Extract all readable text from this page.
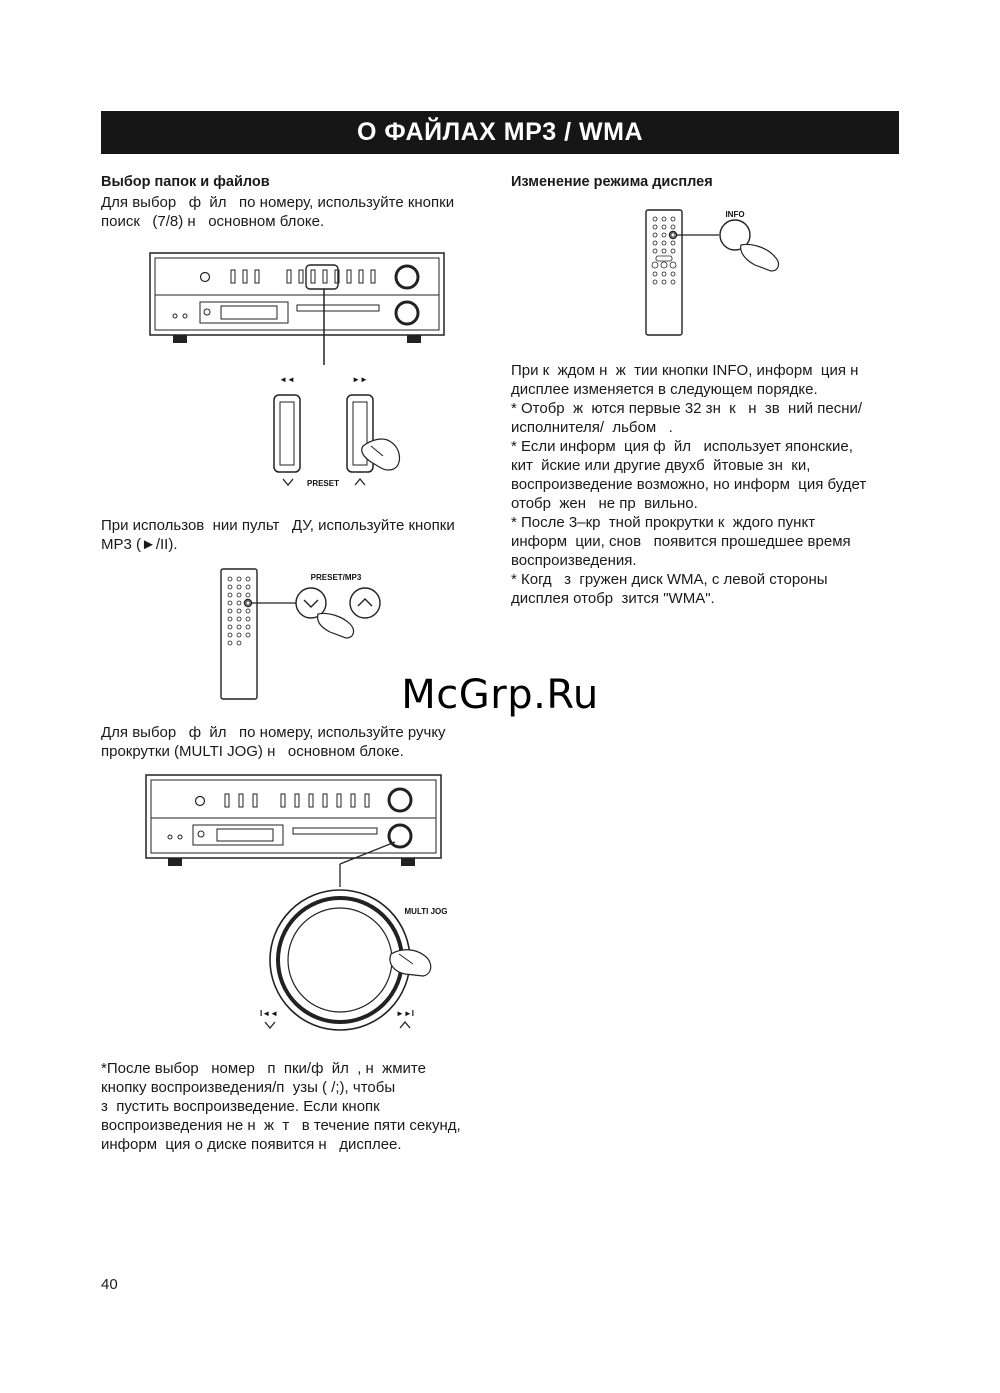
О ФАЙЛАХ MP3 / WMA
Выбор папок и файлов
Для выбор   ф  йл   по номеру, используйте кнопки
поиск   (7/8) н   основном блоке.
◄◄	►►
PRESET
При использов  нии пульт   ДУ, используйте кнопки
MP3 (►/II).
PRESET/MP3
Для выбор   ф  йл   по номеру, используйте ручку
прокрутки (MULTI JOG) н   основном блоке.
MULTI JOG
I◄◄	►►I
*После выбор   номер   п  пки/ф  йл  , н  жмите
кнопку воспроизведения/п  узы ( /;), чтобы
з  пустить воспроизведение. Если кнопк
воспроизведения не н  ж  т   в течение пяти секунд,
информ  ция о диске появится н   дисплее.
Изменение режима дисплея
INFO
При к  ждом н  ж  тии кнопки INFO, информ  ция н
дисплее изменяется в следующем порядке.
* Отобр  ж  ются первые 32 зн  к   н  зв  ний песни/
исполнителя/  льбом   .
* Если информ  ция ф  йл   использует японские,
кит  йские или другие двухб  йтовые зн  ки,
воспроизведение возможно, но информ  ция будет
отобр  жен   не пр  вильно.
* После 3–кр  тной прокрутки к  ждого пункт
информ  ции, снов   появится прошедшее время
воспроизведения.
* Когд   з  гружен диск WMA, с левой стороны
дисплея отобр  зится "WMA".
McGrp.Ru
40
